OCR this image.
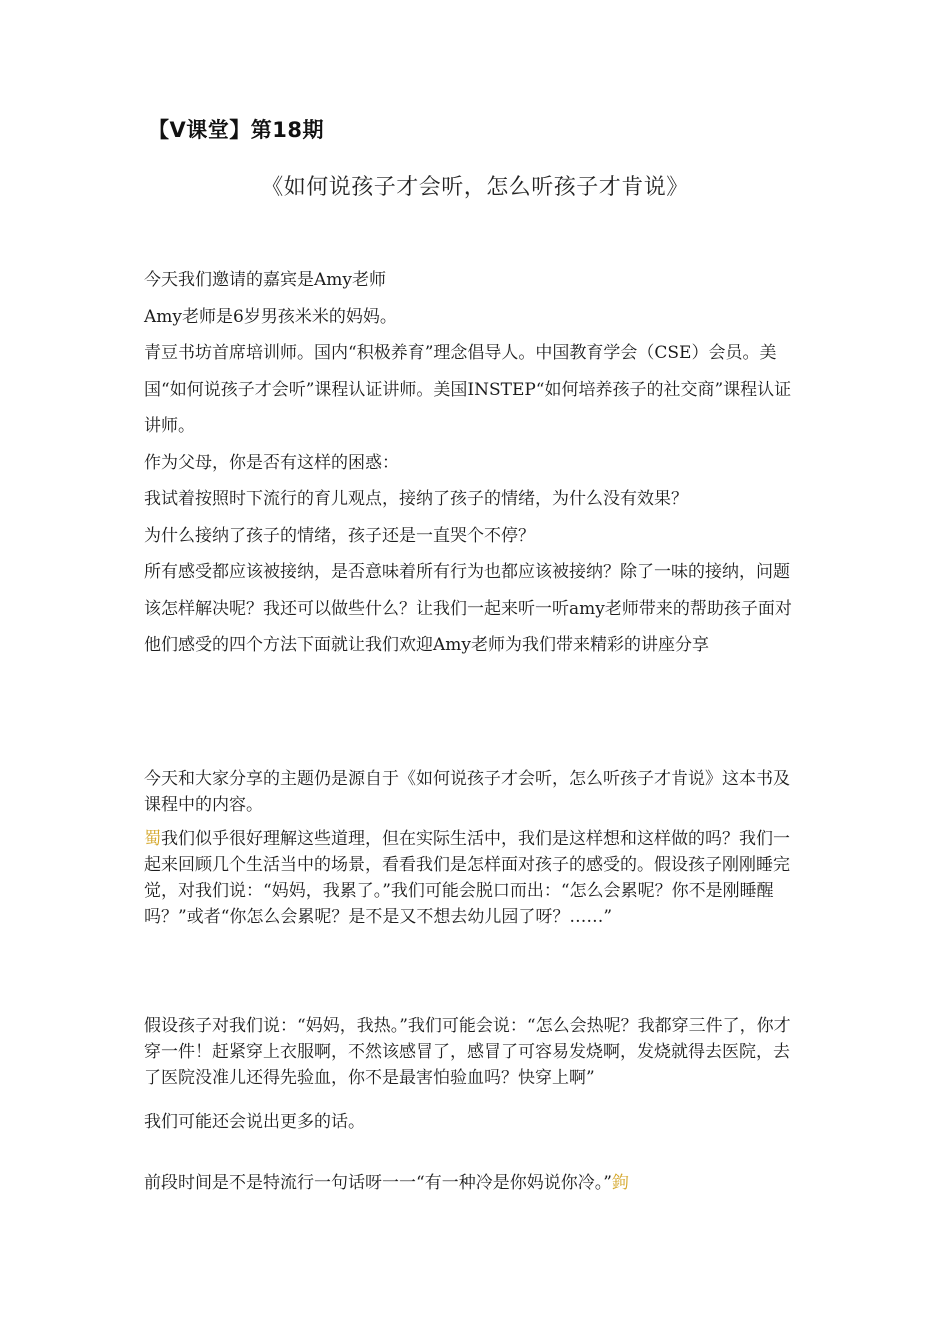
【V课堂】第18期
《如何说孩子才会听，怎么听孩子才肯说》

今天我们邀请的嘉宾是Amy老师

Amy老师是6岁男孩米米的妈妈。

青豆书坊首席培训师。国内“积极养育”理念倡导人。中国教育学会（CSE）会员。美国“如何说孩子才会听”课程认证讲师。美国INSTEP“如何培养孩子的社交商”课程认证讲师。

作为父母，你是否有这样的困惑：

我试着按照时下流行的育儿观点，接纳了孩子的情绪，为什么没有效果？

为什么接纳了孩子的情绪，孩子还是一直哭个不停？

所有感受都应该被接纳，是否意味着所有行为也都应该被接纳？除了一味的接纳，问题该怎样解决呢？我还可以做些什么？让我们一起来听一听amy老师带来的帮助孩子面对他们感受的四个方法下面就让我们欢迎Amy老师为我们带来精彩的讲座分享

今天和大家分享的主题仍是源自于《如何说孩子才会听，怎么听孩子才肯说》这本书及课程中的内容。

蜀我们似乎很好理解这些道理，但在实际生活中，我们是这样想和这样做的吗？我们一起来回顾几个生活当中的场景，看看我们是怎样面对孩子的感受的。假设孩子刚刚睡完觉，对我们说：“妈妈，我累了。”我们可能会脱口而出：“怎么会累呢？你不是刚睡醒吗？”或者“你怎么会累呢？是不是又不想去幼儿园了呀？……”

假设孩子对我们说：“妈妈，我热。”我们可能会说：“怎么会热呢？我都穿三件了，你才穿一件！赶紧穿上衣服啊，不然该感冒了，感冒了可容易发烧啊，发烧就得去医院，去了医院没准儿还得先验血，你不是最害怕验血吗？快穿上啊”

我们可能还会说出更多的话。

前段时间是不是特流行一句话呀一一“有一种冷是你妈说你冷。”鉤
